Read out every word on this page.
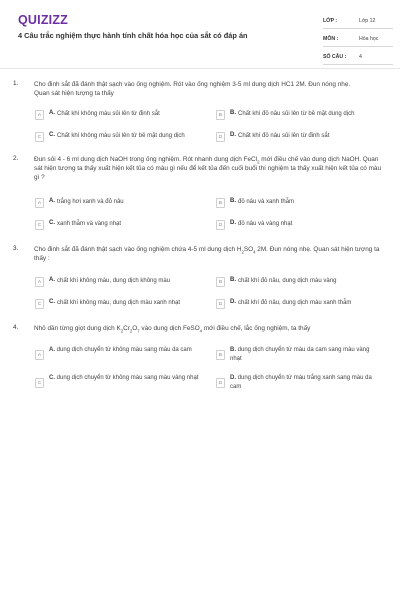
QUIZIZZ
4 Câu trắc nghiệm thực hành tính chất hóa học của sắt có đáp án
LỚP :	Lớp 12
MÔN :	Hóa học
SỐ CÂU :	4
1. Cho đinh sắt đã đánh thật sạch vào ống nghiệm. Rót vào ống nghiệm 3-5 ml dung dịch HC1 2M. Đun nóng nhẹ.
Quan sát hiện tượng ta thấy
A	A. Chất khí không màu sủi lên từ đinh sắt	B	B. Chất khí đỏ nâu sủi lên từ bề mặt dung dịch
C	C. Chất khí không màu sủi lên từ bề mặt dung dịch	D	D. Chất khí đỏ nâu sủi lên từ đinh sắt
2. Đun sôi 4 - 6 ml dung dịch NaOH trong ống nghiệm. Rót nhanh dung dịch FeCl$_2$ mới điều chế vào dung dịch NaOH. Quan sát hiện tượng ta thấy xuất hiện kết tủa có màu gì nếu để kết tủa đến cuối buổi thí nghiệm ta thấy xuất hiện kết tủa có màu gì ?
A	A. trắng hơi xanh và đỏ nâu	B	B. đỏ nâu và xanh thẫm
C	C. xanh thẫm và vàng nhạt	D	D. đỏ nâu và vàng nhạt
3. Cho đinh sắt đã đánh thật sạch vào ống nghiệm chứa 4-5 ml dung dịch $H_2SO_4$ 2M. Đun nóng nhẹ. Quan sát hiện tượng ta thấy :
A	A. chất khí không màu, dung dịch không màu	B	B. chất khí đỏ nâu, dung dịch màu vàng
C	C. chất khí không màu, dung dịch màu xanh nhạt	D	D. chất khí đỏ nâu, dung dịch màu xanh thẫm
4. Nhỏ dần từng giọt dung dịch $K_2Cr_2O_7$ vào dung dịch FeSO$_4$ mới điều chế, lắc ống nghiệm, ta thấy
A
A. dung dịch chuyển từ không màu sang màu da cam
B
B. dung dịch chuyển từ màu da cam sang màu vàng nhạt
C
C. dung dịch chuyển từ không màu sang màu vàng nhạt
D
D. dung dịch chuyển từ màu trắng xanh sang màu da cam
